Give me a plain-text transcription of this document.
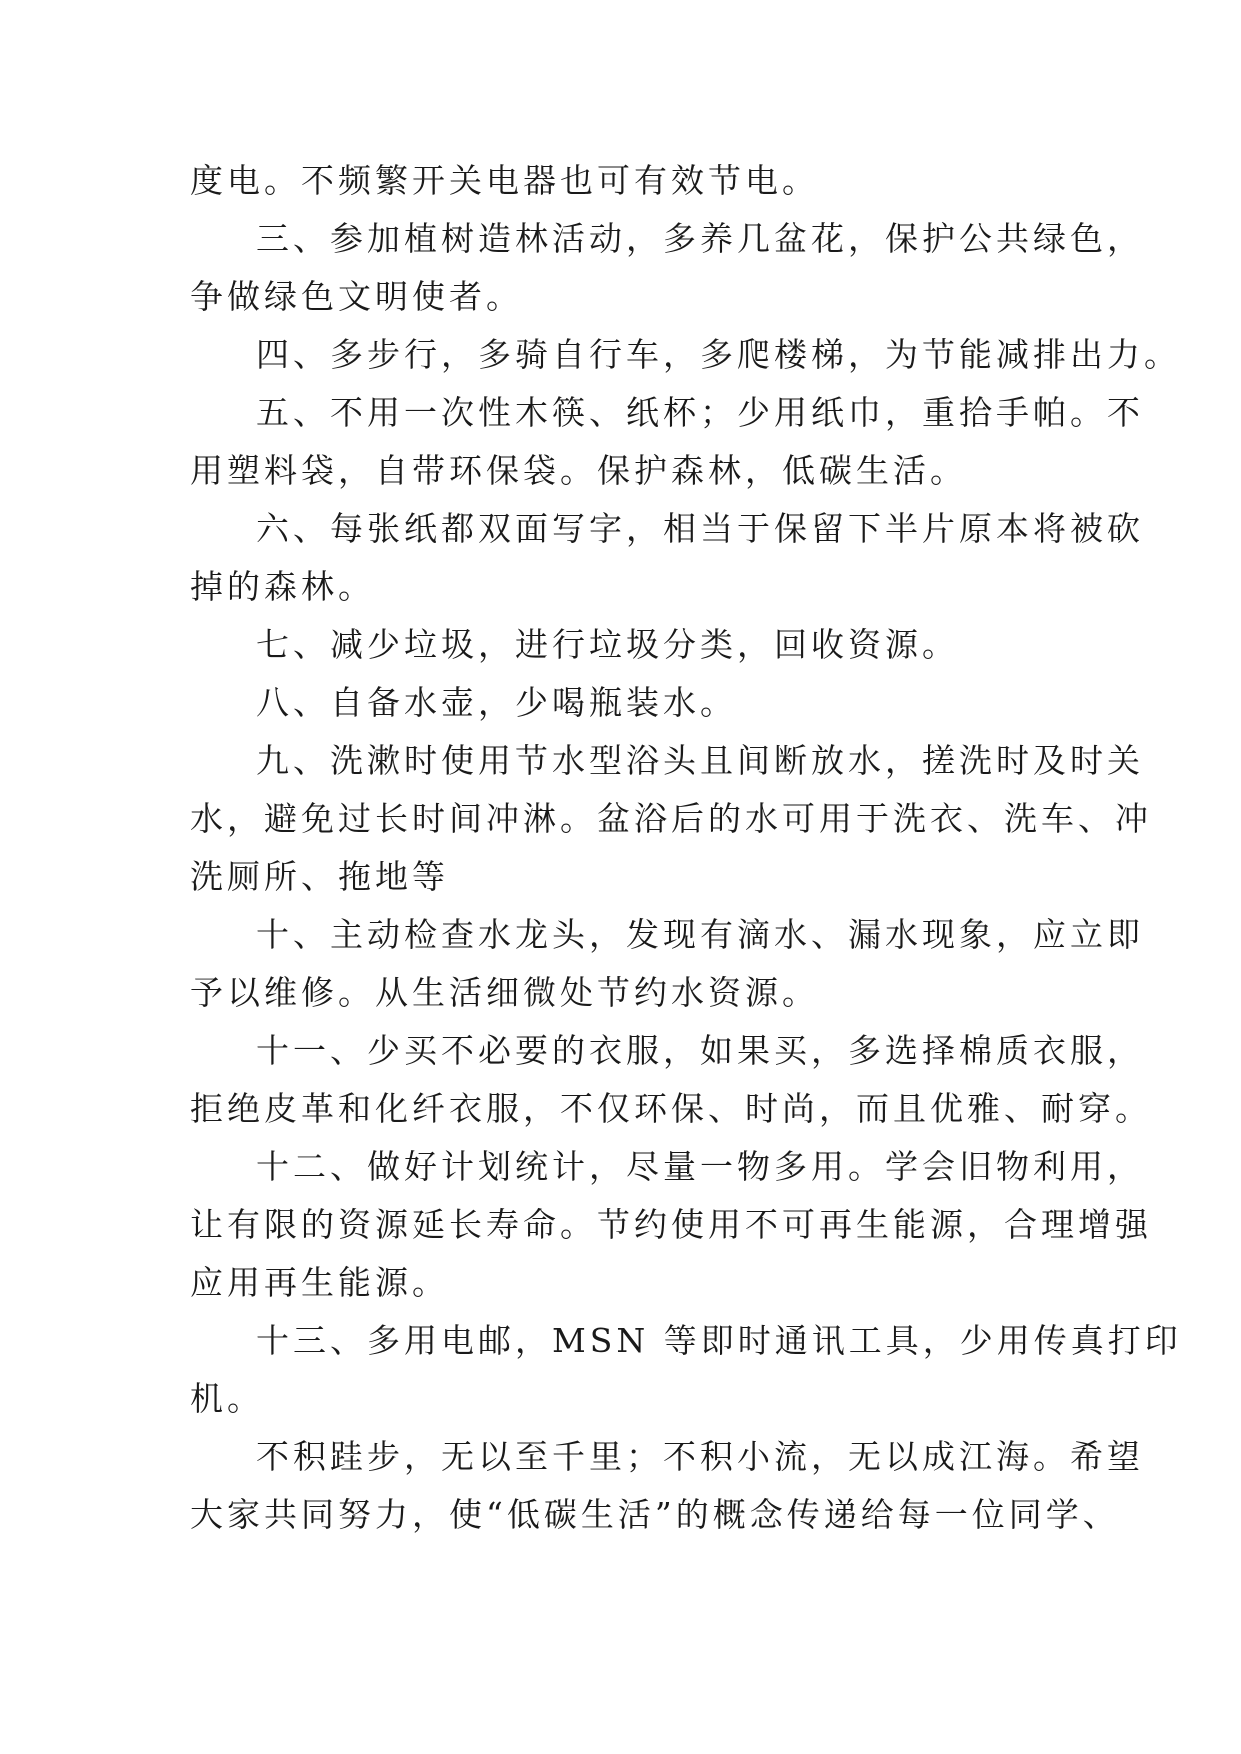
度电。不频繁开关电器也可有效节电。

三、参加植树造林活动，多养几盆花，保护公共绿色，

争做绿色文明使者。

四、多步行，多骑自行车，多爬楼梯，为节能减排出力。

五、不用一次性木筷、纸杯；少用纸巾，重拾手帕。不

用塑料袋，自带环保袋。保护森林，低碳生活。

六、每张纸都双面写字，相当于保留下半片原本将被砍

掉的森林。

七、减少垃圾，进行垃圾分类，回收资源。

八、自备水壶，少喝瓶装水。

九、洗漱时使用节水型浴头且间断放水，搓洗时及时关

水，避免过长时间冲淋。盆浴后的水可用于洗衣、洗车、冲

洗厕所、拖地等

十、主动检查水龙头，发现有滴水、漏水现象，应立即

予以维修。从生活细微处节约水资源。

十一、少买不必要的衣服，如果买，多选择棉质衣服，

拒绝皮革和化纤衣服，不仅环保、时尚，而且优雅、耐穿。

十二、做好计划统计，尽量一物多用。学会旧物利用，

让有限的资源延长寿命。节约使用不可再生能源，合理增强

应用再生能源。

十三、多用电邮，MSN 等即时通讯工具，少用传真打印

机。

不积跬步，无以至千里；不积小流，无以成江海。希望

大家共同努力，使“低碳生活”的概念传递给每一位同学、
